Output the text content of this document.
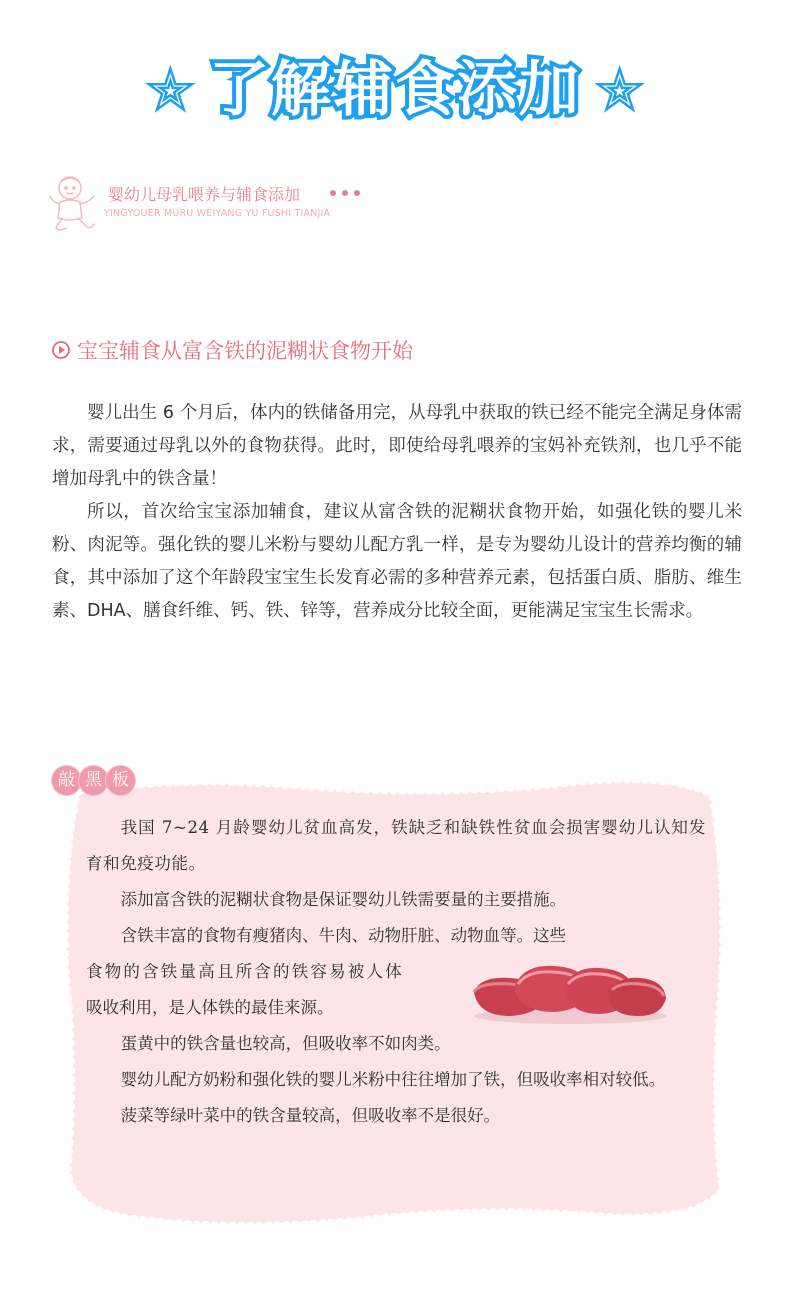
☆ 了解辅食添加 ☆
婴幼儿母乳喂养与辅食添加
YINGYOUER MURU WEIYANG YU FUSHI TIANJIA
宝宝辅食从富含铁的泥糊状食物开始

婴儿出生 6 个月后，体内的铁储备用完，从母乳中获取的铁已经不能完全满足身体需求，需要通过母乳以外的食物获得。此时，即使给母乳喂养的宝妈补充铁剂，也几乎不能增加母乳中的铁含量！

所以，首次给宝宝添加辅食，建议从富含铁的泥糊状食物开始，如强化铁的婴儿米粉、肉泥等。强化铁的婴儿米粉与婴幼儿配方乳一样，是专为婴幼儿设计的营养均衡的辅食，其中添加了这个年龄段宝宝生长发育必需的多种营养元素，包括蛋白质、脂肪、维生素、DHA、膳食纤维、钙、铁、锌等，营养成分比较全面，更能满足宝宝生长需求。

敲 黑 板

我国 7~24 月龄婴幼儿贫血高发，铁缺乏和缺铁性贫血会损害婴幼儿认知发育和免疫功能。

添加富含铁的泥糊状食物是保证婴幼儿铁需要量的主要措施。

含铁丰富的食物有瘦猪肉、牛肉、动物肝脏、动物血等。这些

食物的含铁量高且所含的铁容易被人体

吸收利用，是人体铁的最佳来源。

蛋黄中的铁含量也较高，但吸收率不如肉类。

婴幼儿配方奶粉和强化铁的婴儿米粉中往往增加了铁，但吸收率相对较低。

菠菜等绿叶菜中的铁含量较高，但吸收率不是很好。
